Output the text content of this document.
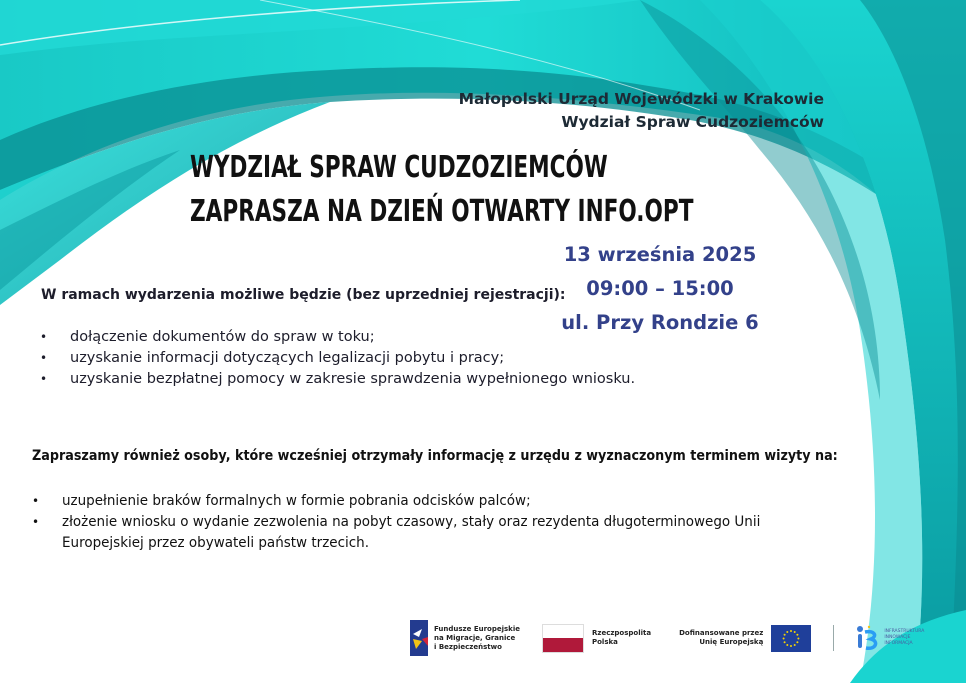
Małopolski Urząd Wojewódzki w Krakowie
Wydział Spraw Cudzoziemców
WYDZIAŁ SPRAW CUDZOZIEMCÓW
ZAPRASZA NA DZIEŃ OTWARTY INFO.OPT
13 września 2025
09:00 – 15:00
ul. Przy Rondzie 6
W ramach wydarzenia możliwe będzie (bez uprzedniej rejestracji):
• dołączenie dokumentów do spraw w toku;
• uzyskanie informacji dotyczących legalizacji pobytu i pracy;
• uzyskanie bezpłatnej pomocy w zakresie sprawdzenia wypełnionego wniosku.
Zapraszamy również osoby, które wcześniej otrzymały informację z urzędu z wyznaczonym terminem wizyty na:
• uzupełnienie braków formalnych w formie pobrania odcisków palców;
• złożenie wniosku o wydanie zezwolenia na pobyt czasowy, stały oraz rezydenta długoterminowego Unii
Europejskiej przez obywateli państw trzecich.
Fundusze Europejskie
na Migracje, Granice
i Bezpieczeństwo
Rzeczpospolita
Polska
Dofinansowane przez
Unię Europejską
INFRASTRUKTURA
INNOWACJE
INFORMACJA
